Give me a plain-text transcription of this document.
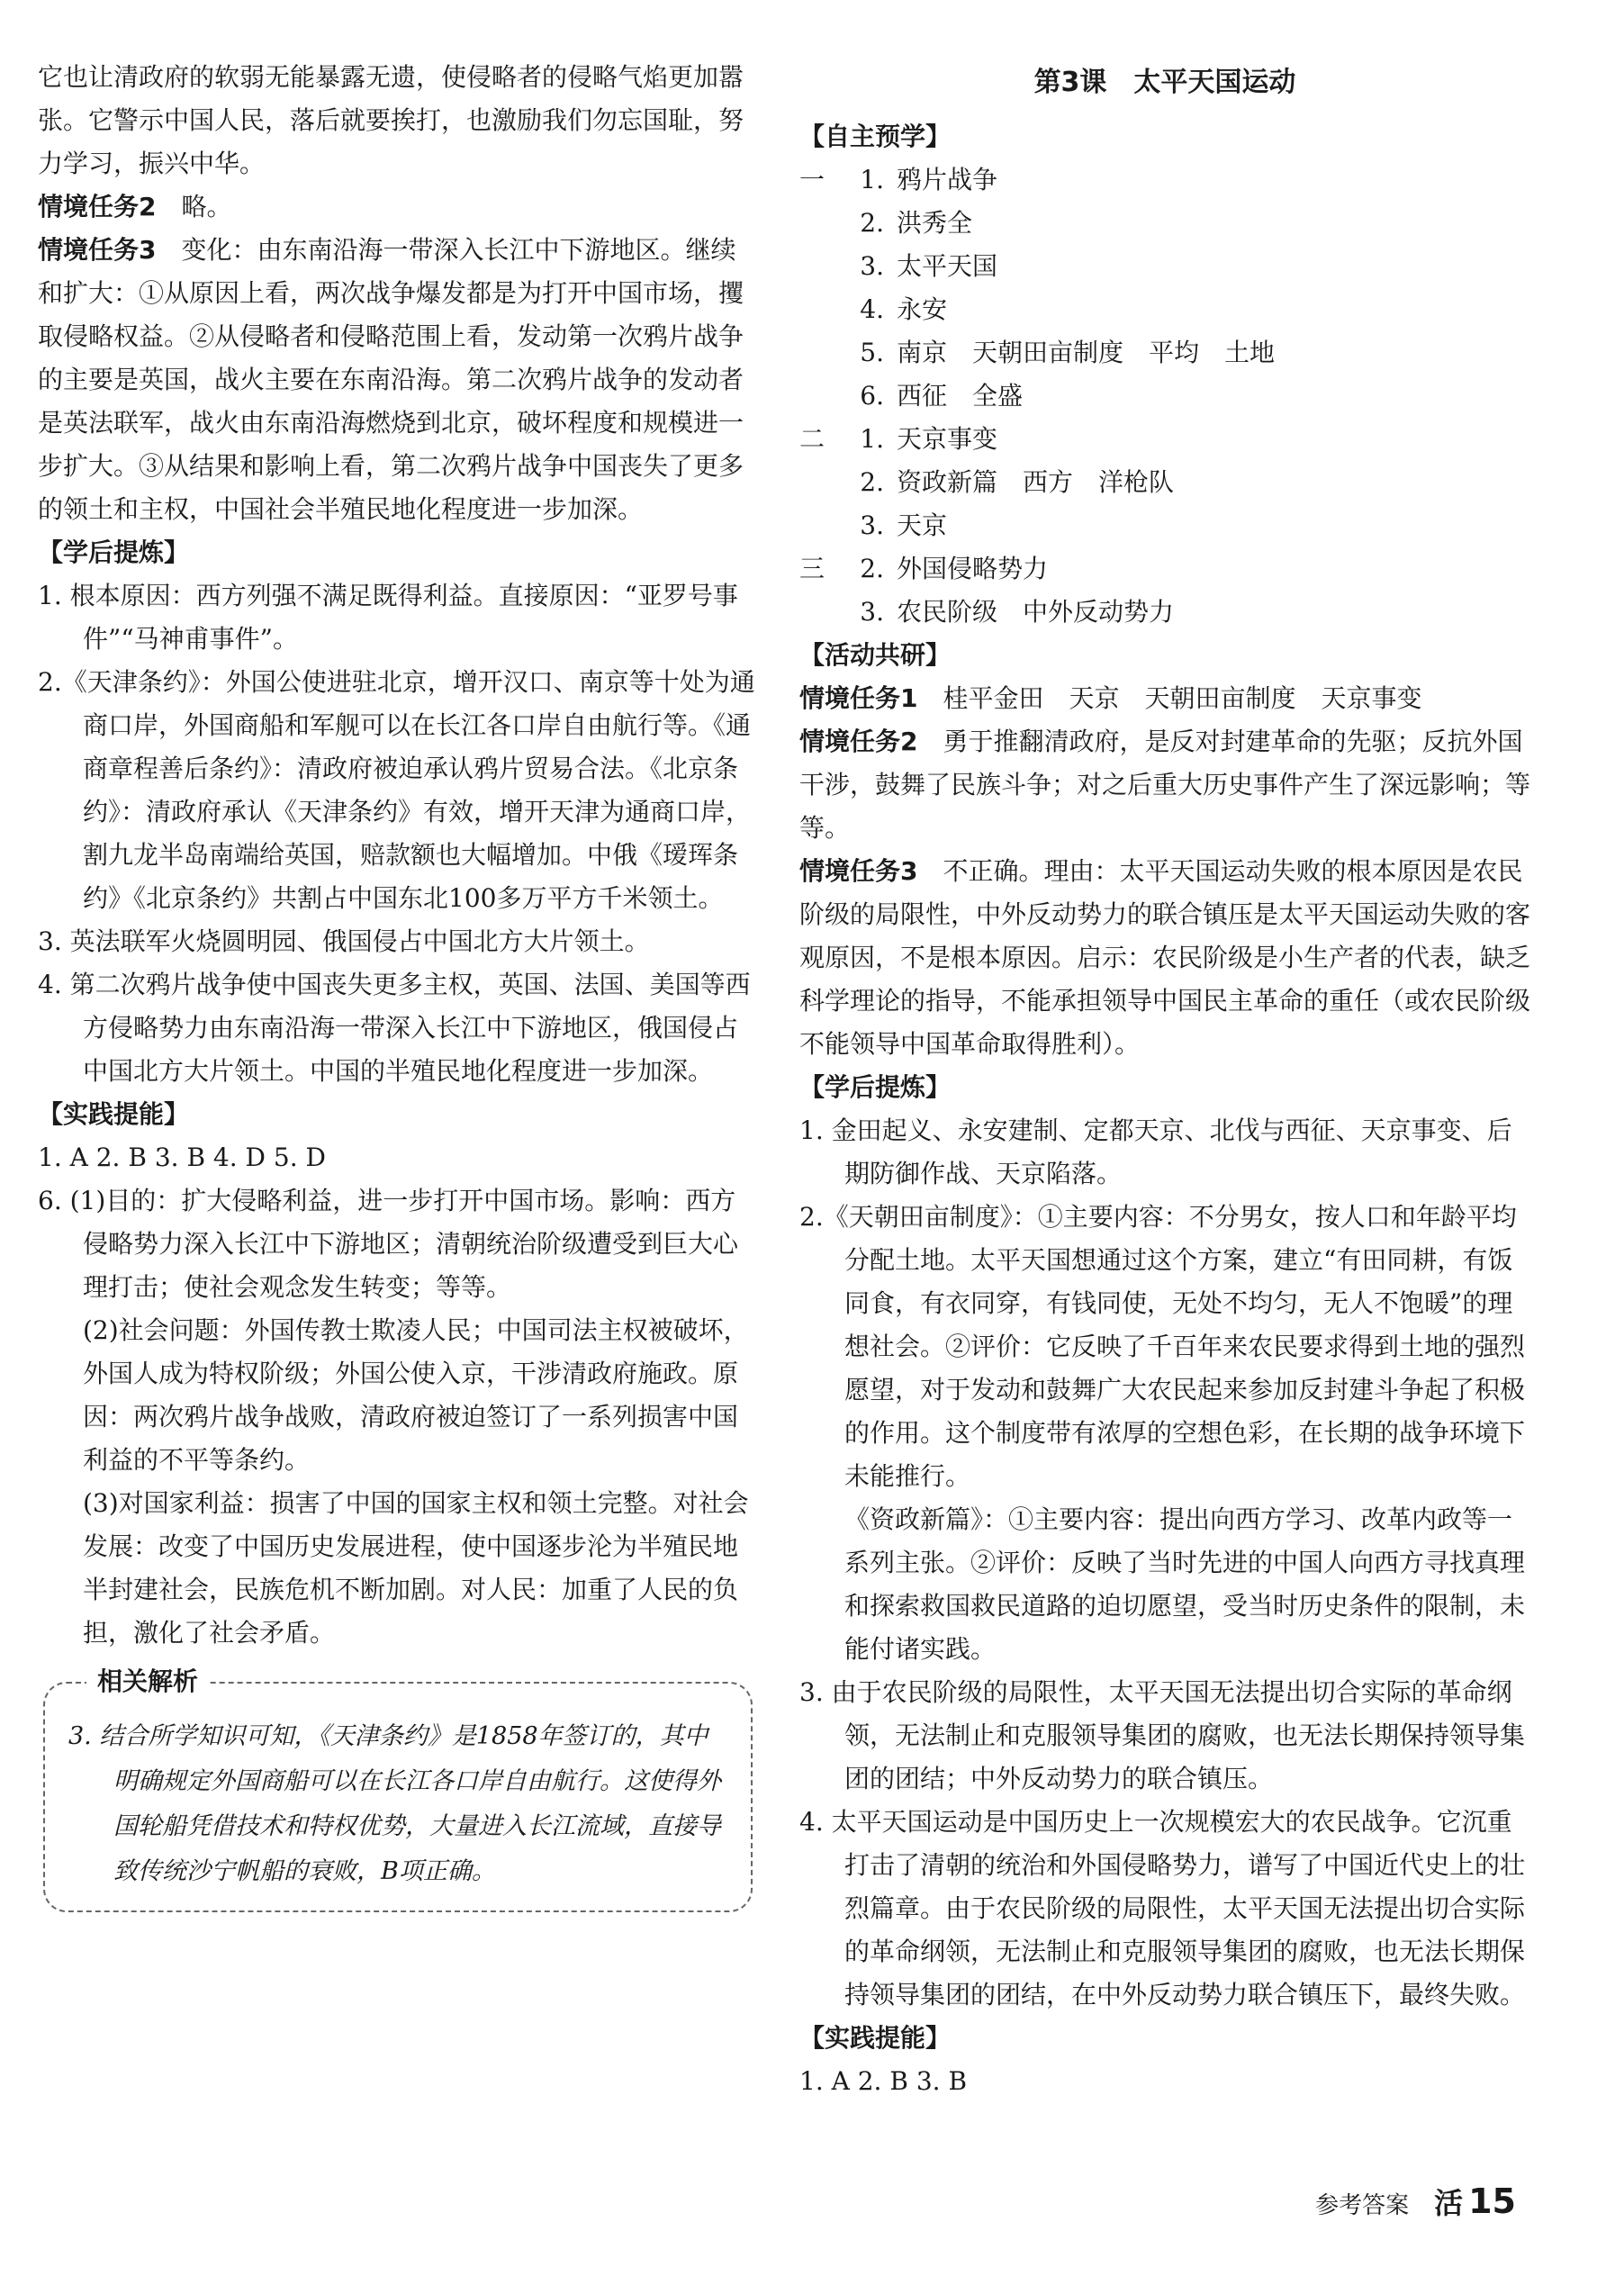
它也让清政府的软弱无能暴露无遗，使侵略者的侵略气焰更加嚣张。它警示中国人民，落后就要挨打，也激励我们勿忘国耻，努力学习，振兴中华。

情境任务2　 略。

情境任务3　 变化：由东南沿海一带深入长江中下游地区。继续和扩大：①从原因上看，两次战争爆发都是为打开中国市场，攫取侵略权益。②从侵略者和侵略范围上看，发动第一次鸦片战争的主要是英国，战火主要在东南沿海。第二次鸦片战争的发动者是英法联军，战火由东南沿海燃烧到北京，破坏程度和规模进一步扩大。③从结果和影响上看，第二次鸦片战争中国丧失了更多的领土和主权，中国社会半殖民地化程度进一步加深。

【学后提炼】

1. 根本原因：西方列强不满足既得利益。直接原因：“亚罗号事件”“马神甫事件”。

2.《天津条约》：外国公使进驻北京，增开汉口、南京等十处为通商口岸，外国商船和军舰可以在长江各口岸自由航行等。《通商章程善后条约》：清政府被迫承认鸦片贸易合法。《北京条约》：清政府承认《天津条约》有效，增开天津为通商口岸，割九龙半岛南端给英国，赔款额也大幅增加。中俄《瑷珲条约》《北京条约》共割占中国东北100多万平方千米领土。

3. 英法联军火烧圆明园、俄国侵占中国北方大片领土。

4. 第二次鸦片战争使中国丧失更多主权，英国、法国、美国等西方侵略势力由东南沿海一带深入长江中下游地区，俄国侵占中国北方大片领土。中国的半殖民地化程度进一步加深。

【实践提能】

1. A 2. B 3. B 4. D 5. D

6. (1)目的：扩大侵略利益，进一步打开中国市场。影响：西方侵略势力深入长江中下游地区；清朝统治阶级遭受到巨大心理打击；使社会观念发生转变；等等。

(2)社会问题：外国传教士欺凌人民；中国司法主权被破坏，外国人成为特权阶级；外国公使入京，干涉清政府施政。原因：两次鸦片战争战败，清政府被迫签订了一系列损害中国利益的不平等条约。

(3)对国家利益：损害了中国的国家主权和领土完整。对社会发展：改变了中国历史发展进程，使中国逐步沦为半殖民地半封建社会，民族危机不断加剧。对人民：加重了人民的负担，激化了社会矛盾。

相关解析

3. 结合所学知识可知，《天津条约》是1858年签订的，其中明确规定外国商船可以在长江各口岸自由航行。这使得外国轮船凭借技术和特权优势，大量进入长江流域，直接导致传统沙宁帆船的衰败，B项正确。

第3课　太平天国运动

【自主预学】

一	1. 鸦片战争
2. 洪秀全
3. 太平天国
4. 永安
5. 南京　天朝田亩制度　平均　土地
6. 西征　全盛
二	1. 天京事变
2. 资政新篇　西方　洋枪队
3. 天京
三	2. 外国侵略势力
3. 农民阶级　中外反动势力

【活动共研】

情境任务1　 桂平金田　天京　天朝田亩制度　天京事变

情境任务2　 勇于推翻清政府，是反对封建革命的先驱；反抗外国干涉，鼓舞了民族斗争；对之后重大历史事件产生了深远影响；等等。

情境任务3　 不正确。理由：太平天国运动失败的根本原因是农民阶级的局限性，中外反动势力的联合镇压是太平天国运动失败的客观原因，不是根本原因。启示：农民阶级是小生产者的代表，缺乏科学理论的指导，不能承担领导中国民主革命的重任（或农民阶级不能领导中国革命取得胜利）。

【学后提炼】

1. 金田起义、永安建制、定都天京、北伐与西征、天京事变、后期防御作战、天京陷落。

2.《天朝田亩制度》：①主要内容：不分男女，按人口和年龄平均分配土地。太平天国想通过这个方案，建立“有田同耕，有饭同食，有衣同穿，有钱同使，无处不均匀，无人不饱暖”的理想社会。②评价：它反映了千百年来农民要求得到土地的强烈愿望，对于发动和鼓舞广大农民起来参加反封建斗争起了积极的作用。这个制度带有浓厚的空想色彩，在长期的战争环境下未能推行。

《资政新篇》：①主要内容：提出向西方学习、改革内政等一系列主张。②评价：反映了当时先进的中国人向西方寻找真理和探索救国救民道路的迫切愿望，受当时历史条件的限制，未能付诸实践。

3. 由于农民阶级的局限性，太平天国无法提出切合实际的革命纲领，无法制止和克服领导集团的腐败，也无法长期保持领导集团的团结；中外反动势力的联合镇压。

4. 太平天国运动是中国历史上一次规模宏大的农民战争。它沉重打击了清朝的统治和外国侵略势力，谱写了中国近代史上的壮烈篇章。由于农民阶级的局限性，太平天国无法提出切合实际的革命纲领，无法制止和克服领导集团的腐败，也无法长期保持领导集团的团结，在中外反动势力联合镇压下，最终失败。

【实践提能】

1. A 2. B 3. B

参考答案 活 15
